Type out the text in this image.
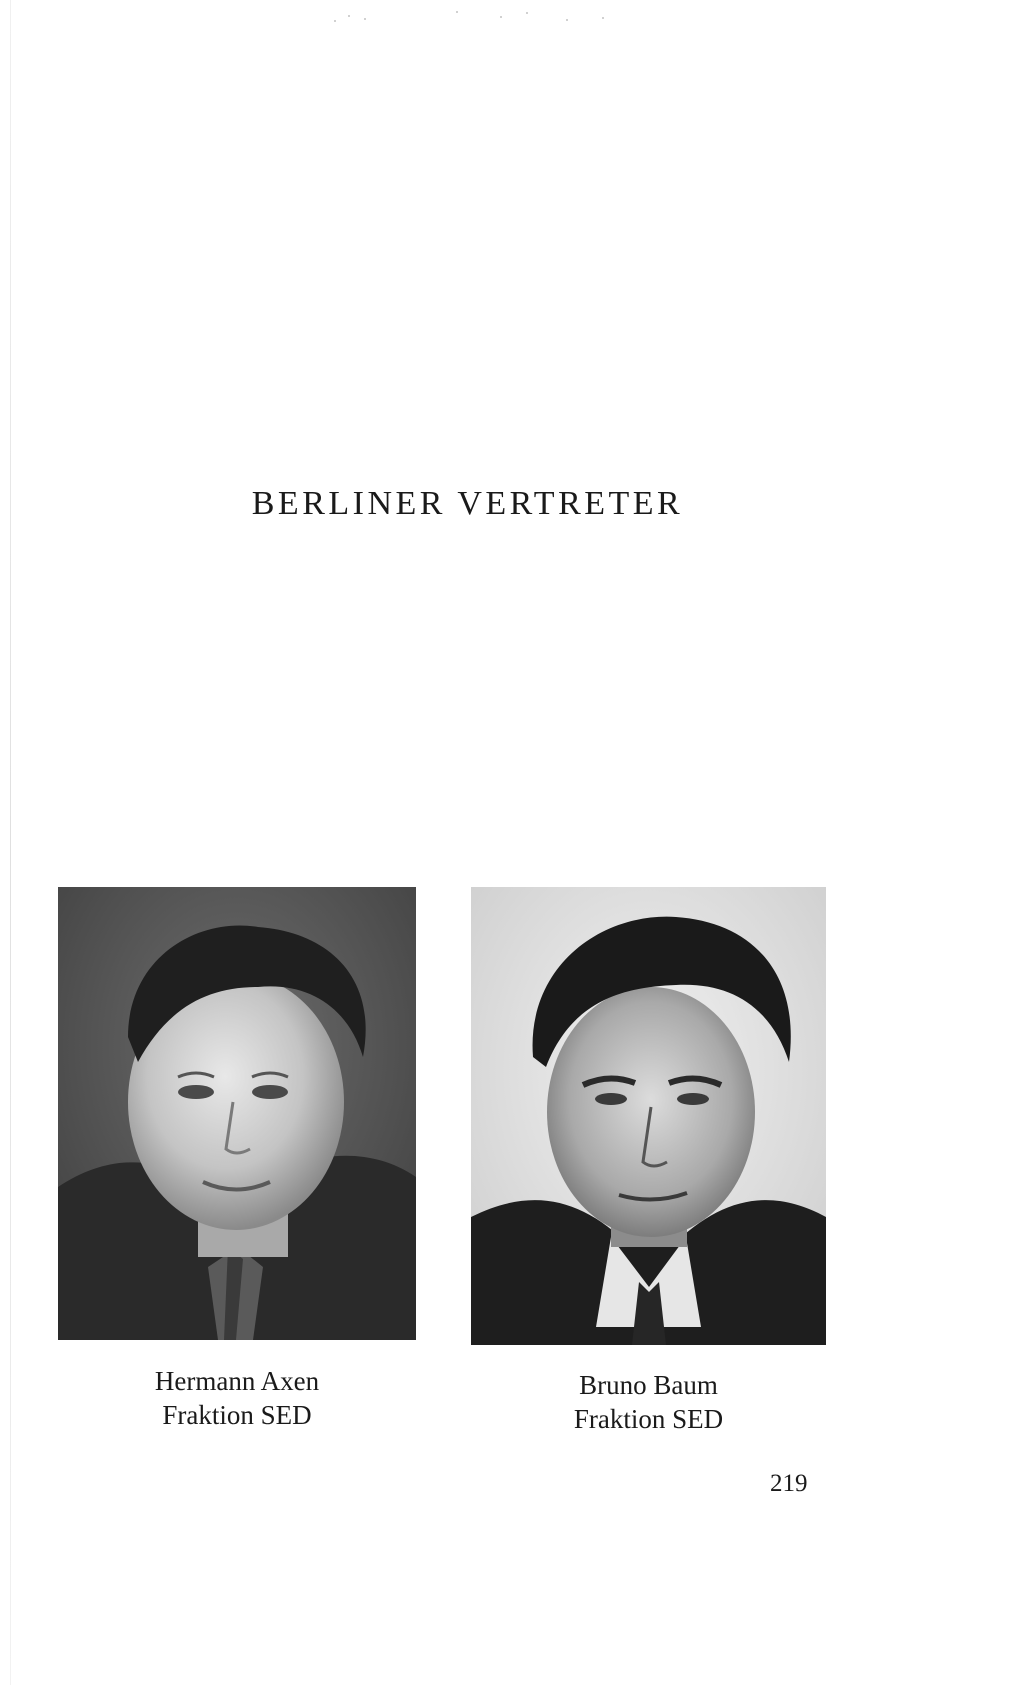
BERLINER VERTRETER
Hermann Axen
Fraktion SED
Bruno Baum
Fraktion SED
219
